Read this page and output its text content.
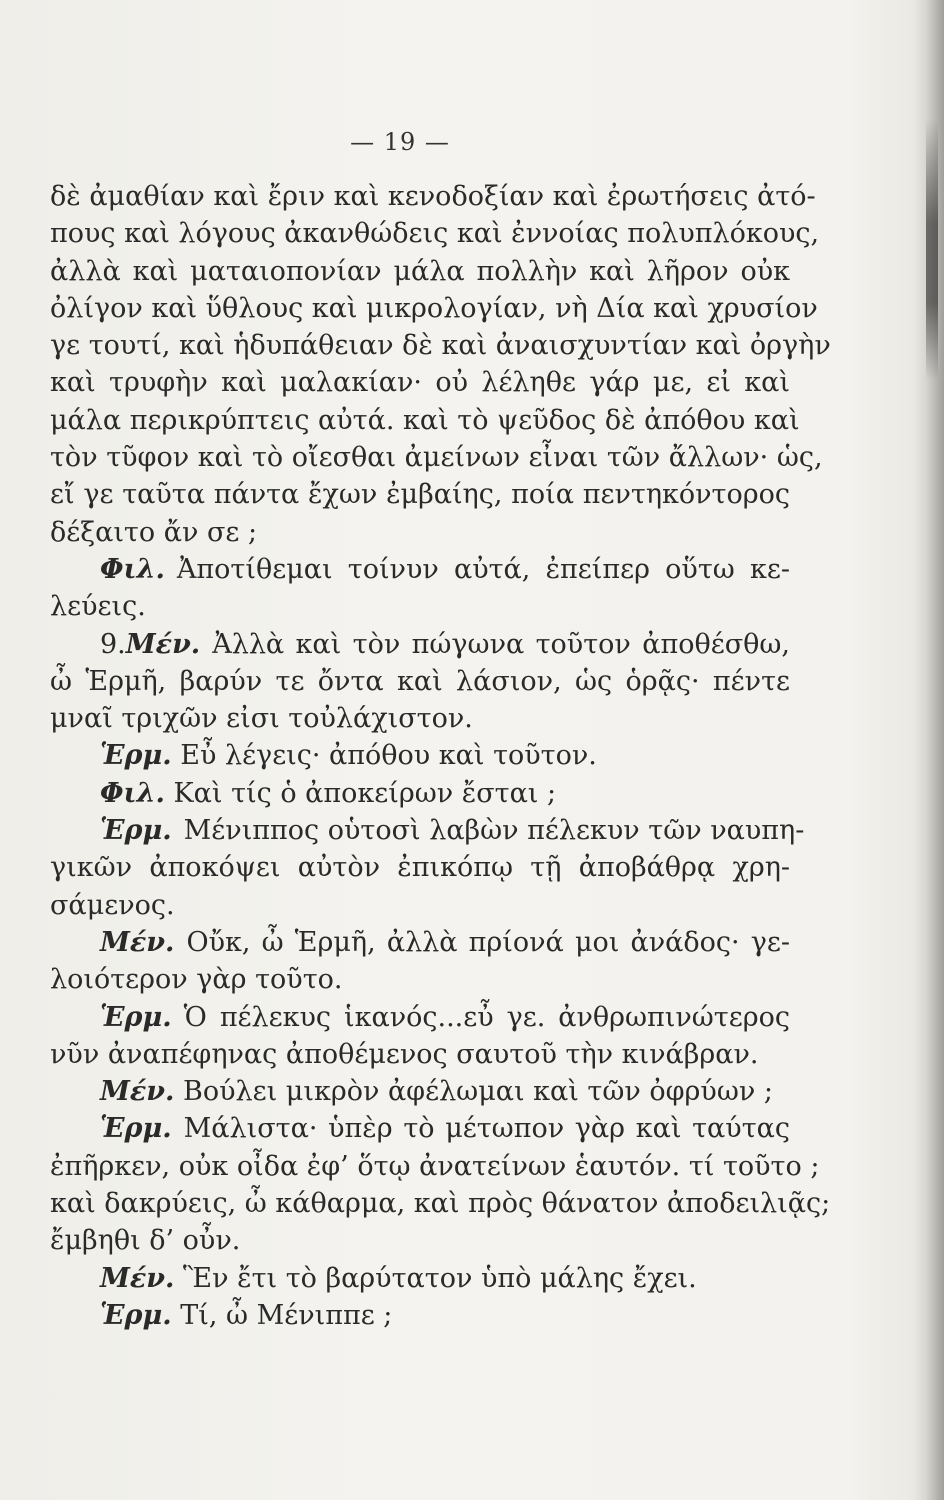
— 19 —
δὲ ἀμαθίαν καὶ ἔριν καὶ κενοδοξίαν καὶ ἐρωτήσεις ἀτό-
πους καὶ λόγους ἀκανθώδεις καὶ ἐννοίας πολυπλόκους,
ἀλλὰ καὶ ματαιοπονίαν μάλα πολλὴν καὶ λῆρον οὐκ
ὀλίγον καὶ ὕθλους καὶ μικρολογίαν, νὴ Δία καὶ χρυσίον
γε τουτί, καὶ ἡδυπάθειαν δὲ καὶ ἀναισχυντίαν καὶ ὀργὴν
καὶ τρυφὴν καὶ μαλακίαν· οὐ λέληθε γάρ με, εἰ καὶ
μάλα περικρύπτεις αὐτά. καὶ τὸ ψεῦδος δὲ ἀπόθου καὶ
τὸν τῦφον καὶ τὸ οἴεσθαι ἀμείνων εἶναι τῶν ἄλλων· ὡς,
εἴ γε ταῦτα πάντα ἔχων ἐμβαίης, ποία πεντηκόντορος
δέξαιτο ἄν σε ;
Φιλ. Ἀποτίθεμαι τοίνυν αὐτά, ἐπείπερ οὕτω κε-
λεύεις.
9. Μέν. Ἀλλὰ καὶ τὸν πώγωνα τοῦτον ἀποθέσθω,
ὦ Ἑρμῆ, βαρύν τε ὄντα καὶ λάσιον, ὡς ὁρᾷς· πέντε
μναῖ τριχῶν εἰσι τοὐλάχιστον.
Ἑρμ. Εὖ λέγεις· ἀπόθου καὶ τοῦτον.
Φιλ. Καὶ τίς ὁ ἀποκείρων ἔσται ;
Ἑρμ. Μένιππος οὑτοσὶ λαβὼν πέλεκυν τῶν ναυπη-
γικῶν ἀποκόψει αὐτὸν ἐπικόπῳ τῇ ἀποβάθρᾳ χρη-
σάμενος.
Μέν. Οὔκ, ὦ Ἑρμῆ, ἀλλὰ πρίονά μοι ἀνάδος· γε-
λοιότερον γὰρ τοῦτο.
Ἑρμ. Ὁ πέλεκυς ἱκανός...εὖ γε. ἀνθρωπινώτερος
νῦν ἀναπέφηνας ἀποθέμενος σαυτοῦ τὴν κινάβραν.
Μέν. Βούλει μικρὸν ἀφέλωμαι καὶ τῶν ὀφρύων ;
Ἑρμ. Μάλιστα· ὑπὲρ τὸ μέτωπον γὰρ καὶ ταύτας
ἐπῆρκεν, οὐκ οἶδα ἐφ’ ὅτῳ ἀνατείνων ἑαυτόν. τί τοῦτο ;
καὶ δακρύεις, ὦ κάθαρμα, καὶ πρὸς θάνατον ἀποδειλιᾷς;
ἔμβηθι δ’ οὖν.
Μέν. Ἓν ἔτι τὸ βαρύτατον ὑπὸ μάλης ἔχει.
Ἑρμ. Τί, ὦ Μένιππε ;
